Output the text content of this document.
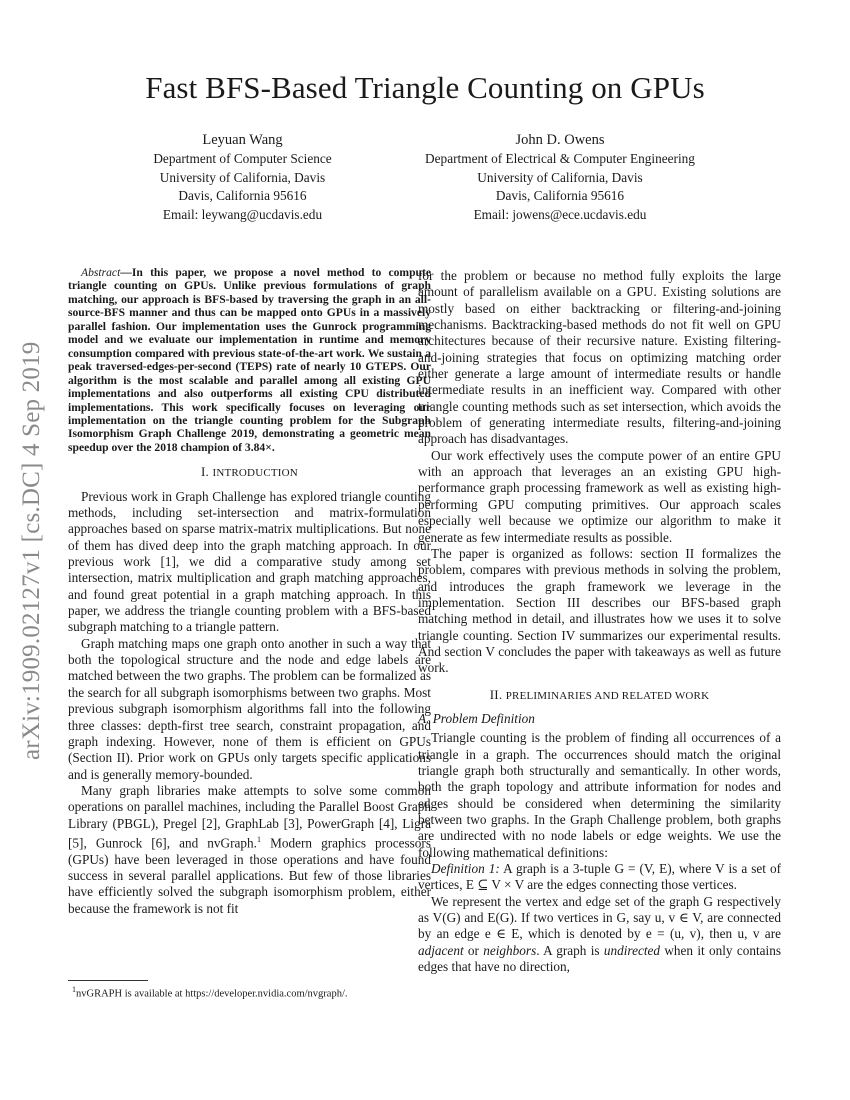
arXiv:1909.02127v1 [cs.DC] 4 Sep 2019
Fast BFS-Based Triangle Counting on GPUs
Leyuan Wang
Department of Computer Science
University of California, Davis
Davis, California 95616
Email: leywang@ucdavis.edu
John D. Owens
Department of Electrical & Computer Engineering
University of California, Davis
Davis, California 95616
Email: jowens@ece.ucdavis.edu

Abstract—In this paper, we propose a novel method to compute triangle counting on GPUs. Unlike previous formulations of graph matching, our approach is BFS-based by traversing the graph in an all-source-BFS manner and thus can be mapped onto GPUs in a massively parallel fashion. Our implementation uses the Gunrock programming model and we evaluate our implementation in runtime and memory consumption compared with previous state-of-the-art work. We sustain a peak traversed-edges-per-second (TEPS) rate of nearly 10 GTEPS. Our algorithm is the most scalable and parallel among all existing GPU implementations and also outperforms all existing CPU distributed implementations. This work specifically focuses on leveraging our implementation on the triangle counting problem for the Subgraph Isomorphism Graph Challenge 2019, demonstrating a geometric mean speedup over the 2018 champion of 3.84×.

I. INTRODUCTION

Previous work in Graph Challenge has explored triangle counting methods, including set-intersection and matrix-formulation approaches based on sparse matrix-matrix multiplications. But none of them has dived deep into the graph matching approach. In our previous work [1], we did a comparative study among set intersection, matrix multiplication and graph matching approaches, and found great potential in a graph matching approach. In this paper, we address the triangle counting problem with a BFS-based subgraph matching to a triangle pattern.

Graph matching maps one graph onto another in such a way that both the topological structure and the node and edge labels are matched between the two graphs. The problem can be formalized as the search for all subgraph isomorphisms between two graphs. Most previous subgraph isomorphism algorithms fall into the following three classes: depth-first tree search, constraint propagation, and graph indexing. However, none of them is efficient on GPUs (Section II). Prior work on GPUs only targets specific applications and is generally memory-bounded.

Many graph libraries make attempts to solve some common operations on parallel machines, including the Parallel Boost Graph Library (PBGL), Pregel [2], GraphLab [3], PowerGraph [4], Ligra [5], Gunrock [6], and nvGraph.$^1$ Modern graphics processors (GPUs) have been leveraged in those operations and have found success in several parallel applications. But few of those libraries have efficiently solved the subgraph isomorphism problem, either because the framework is not fit

$^1$nvGRAPH is available at https://developer.nvidia.com/nvgraph/.

for the problem or because no method fully exploits the large amount of parallelism available on a GPU. Existing solutions are mostly based on either backtracking or filtering-and-joining mechanisms. Backtracking-based methods do not fit well on GPU architectures because of their recursive nature. Existing filtering-and-joining strategies that focus on optimizing matching order either generate a large amount of intermediate results or handle intermediate results in an inefficient way. Compared with other triangle counting methods such as set intersection, which avoids the problem of generating intermediate results, filtering-and-joining approach has disadvantages.

Our work effectively uses the compute power of an entire GPU with an approach that leverages an an existing GPU high-performance graph processing framework as well as existing high-performing GPU computing primitives. Our approach scales especially well because we optimize our algorithm to make it generate as few intermediate results as possible.

The paper is organized as follows: section II formalizes the problem, compares with previous methods in solving the problem, and introduces the graph framework we leverage in the implementation. Section III describes our BFS-based graph matching method in detail, and illustrates how we uses it to solve triangle counting. Section IV summarizes our experimental results. And section V concludes the paper with takeaways as well as future work.

II. PRELIMINARIES AND RELATED WORK
A. Problem Definition

Triangle counting is the problem of finding all occurrences of a triangle in a graph. The occurrences should match the original triangle graph both structurally and semantically. In other words, both the graph topology and attribute information for nodes and edges should be considered when determining the similarity between two graphs. In the Graph Challenge problem, both graphs are undirected with no node labels or edge weights. We use the following mathematical definitions:

Definition 1: A graph is a 3-tuple G = (V, E), where V is a set of vertices, E ⊆ V × V are the edges connecting those vertices.

We represent the vertex and edge set of the graph G respectively as V(G) and E(G). If two vertices in G, say u, v ∈ V, are connected by an edge e ∈ E, which is denoted by e = (u, v), then u, v are adjacent or neighbors. A graph is undirected when it only contains edges that have no direction,
